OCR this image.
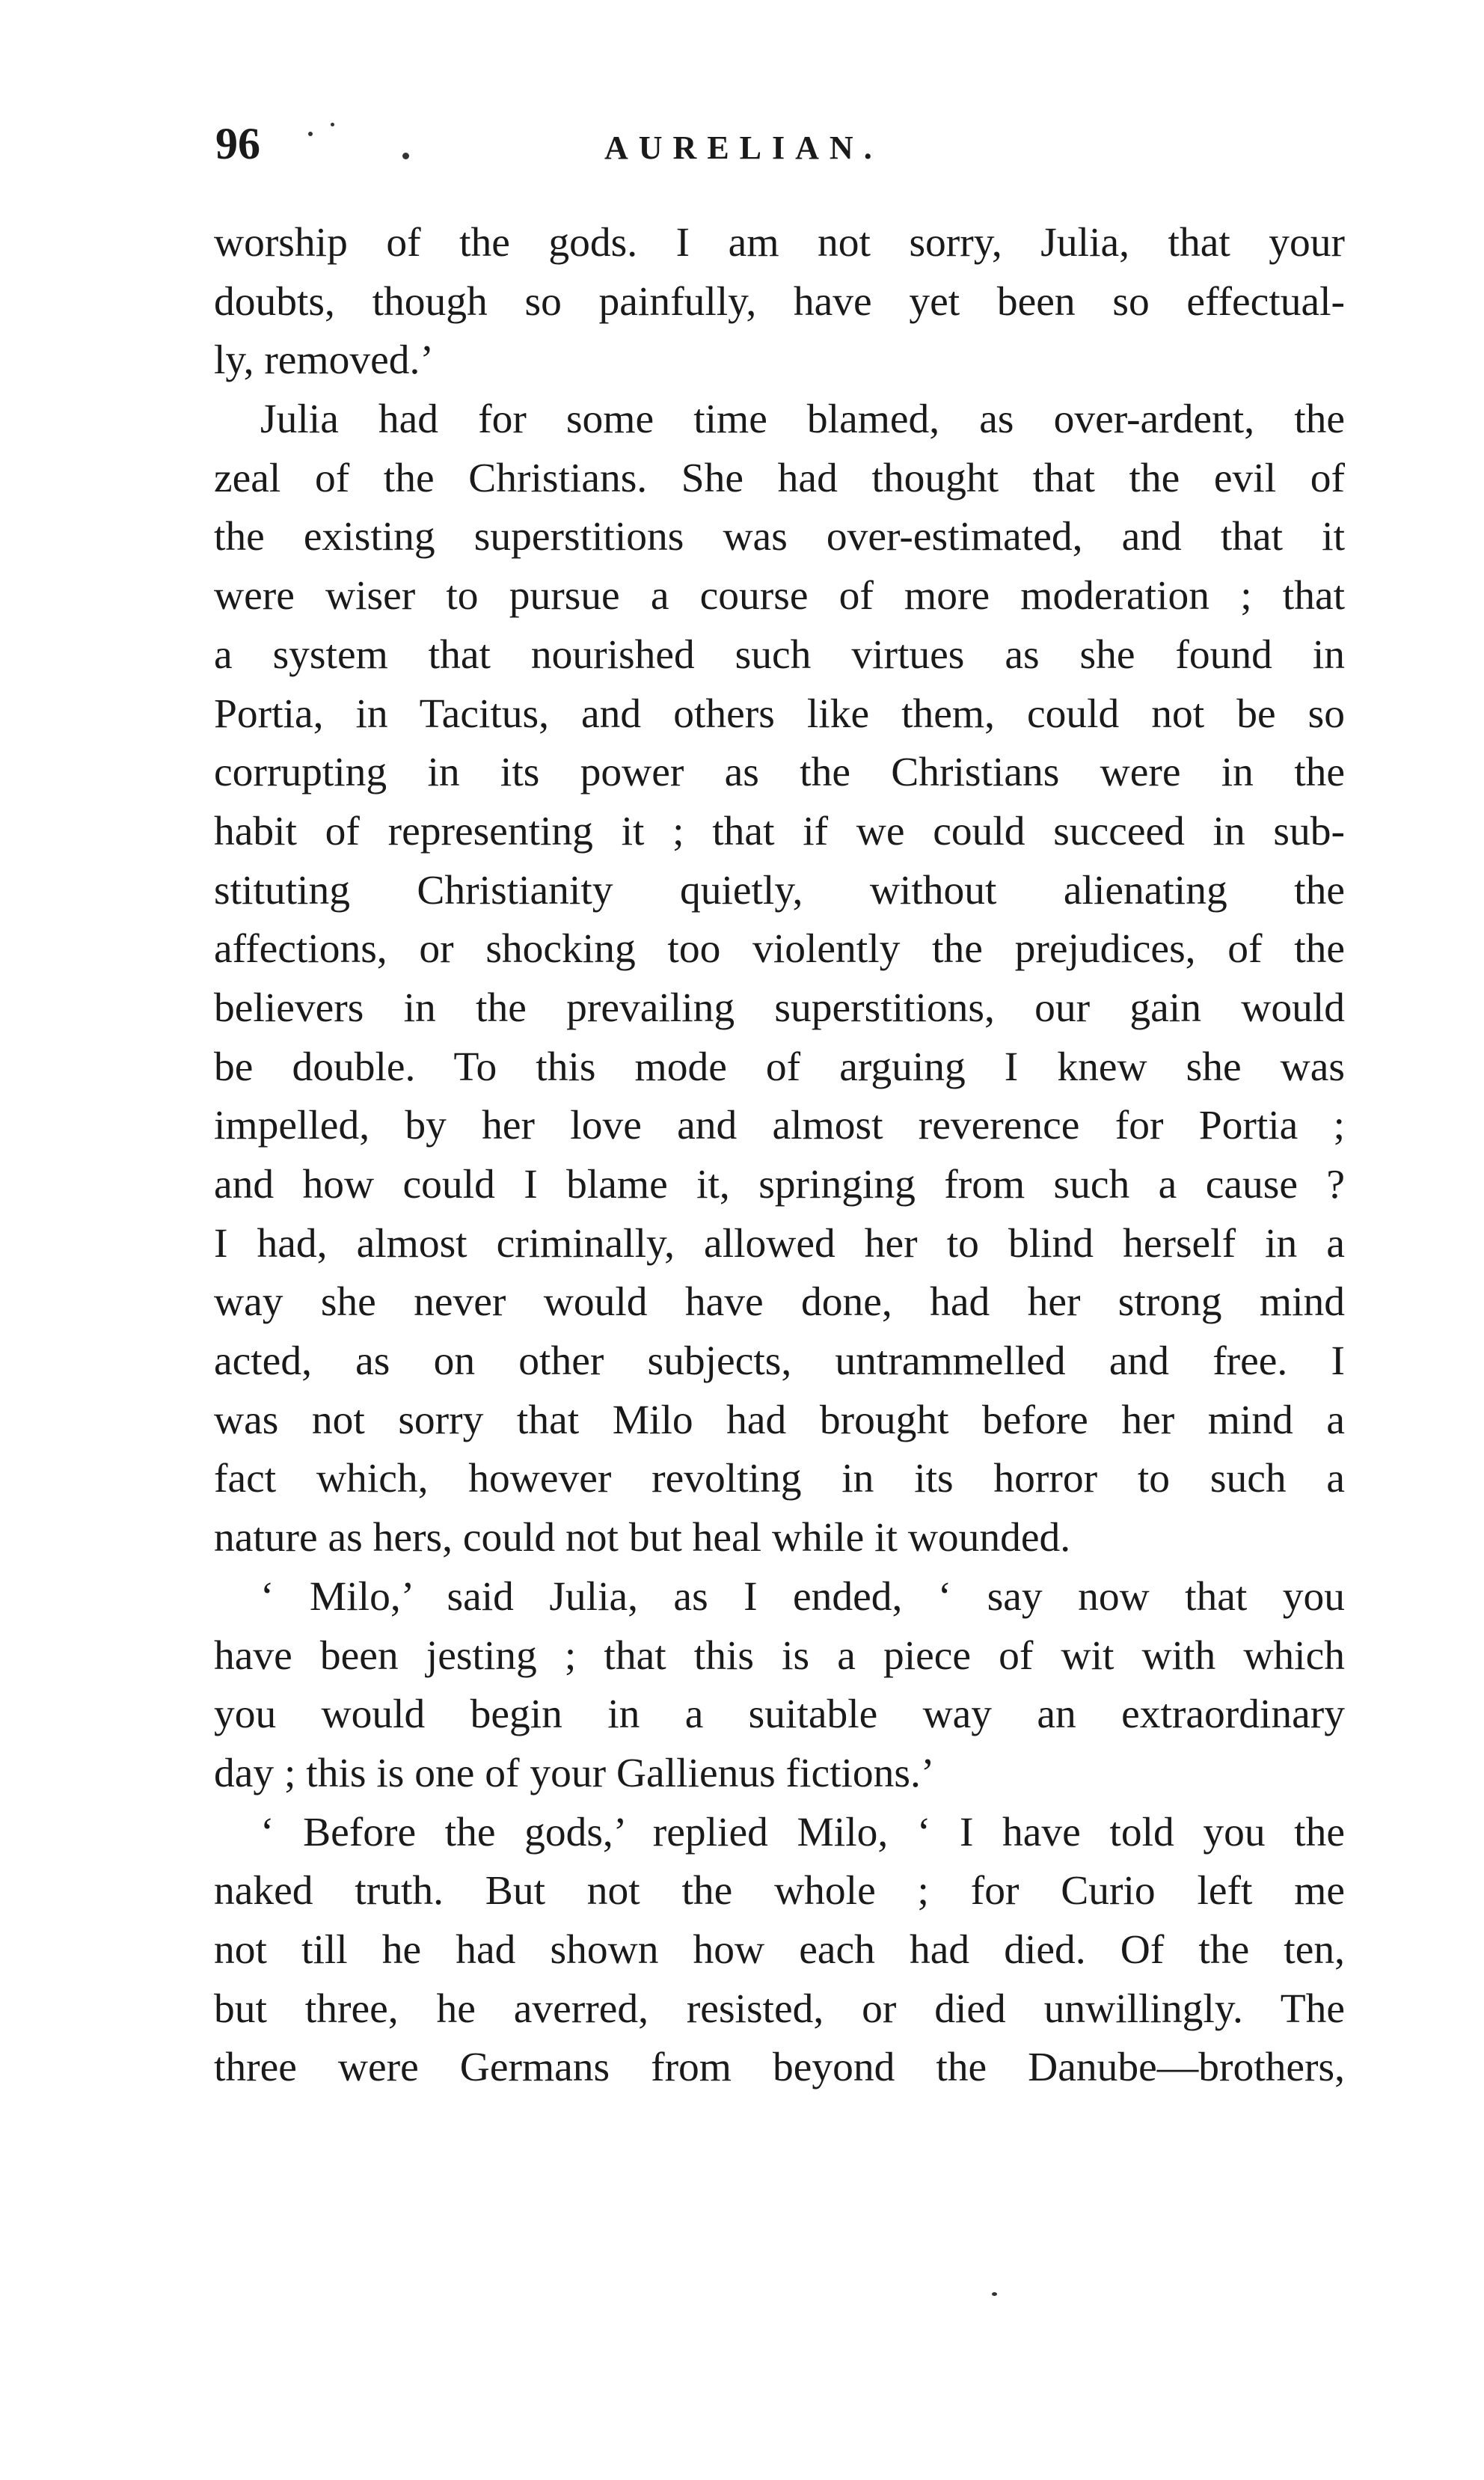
96	AURELIAN.
worship of the gods. I am not sorry, Julia, that your
doubts, though so painfully, have yet been so effectual-
ly, removed.’
Julia had for some time blamed, as over-ardent, the
zeal of the Christians. She had thought that the evil of
the existing superstitions was over-estimated, and that it
were wiser to pursue a course of more moderation ; that
a system that nourished such virtues as she found in
Portia, in Tacitus, and others like them, could not be so
corrupting in its power as the Christians were in the
habit of representing it ; that if we could succeed in sub-
stituting Christianity quietly, without alienating the
affections, or shocking too violently the prejudices, of the
believers in the prevailing superstitions, our gain would
be double. To this mode of arguing I knew she was
impelled, by her love and almost reverence for Portia ;
and how could I blame it, springing from such a cause ?
I had, almost criminally, allowed her to blind herself in a
way she never would have done, had her strong mind
acted, as on other subjects, untrammelled and free. I
was not sorry that Milo had brought before her mind a
fact which, however revolting in its horror to such a
nature as hers, could not but heal while it wounded.
‘ Milo,’ said Julia, as I ended, ‘ say now that you
have been jesting ; that this is a piece of wit with which
you would begin in a suitable way an extraordinary
day ; this is one of your Gallienus fictions.’
‘ Before the gods,’ replied Milo, ‘ I have told you the
naked truth. But not the whole ; for Curio left me
not till he had shown how each had died. Of the ten,
but three, he averred, resisted, or died unwillingly. The
three were Germans from beyond the Danube—brothers,
